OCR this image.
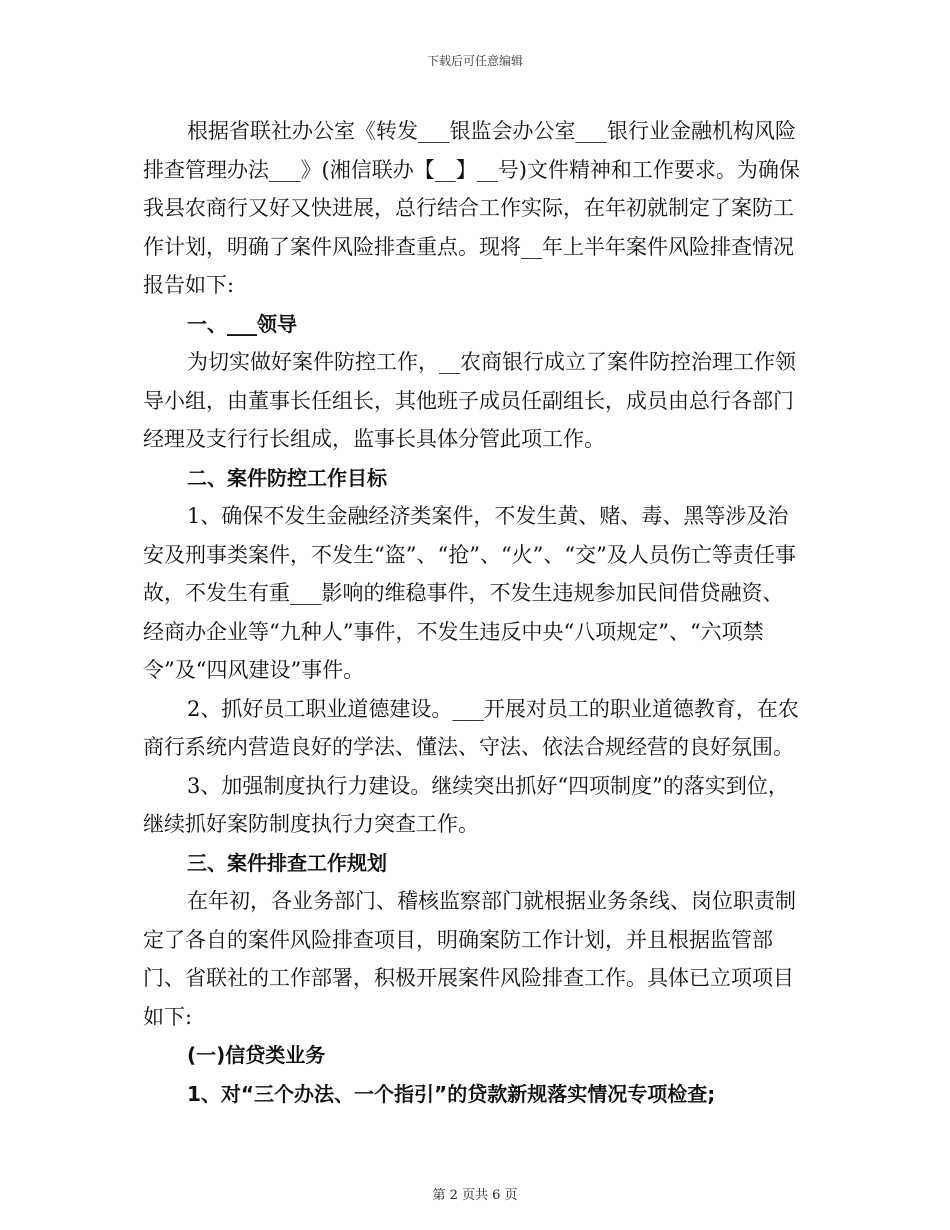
下载后可任意编辑

根据省联社办公室《转发___银监会办公室___银行业金融机构风险排查管理办法___》(湘信联办【__】__号)文件精神和工作要求。为确保我县农商行又好又快进展，总行结合工作实际，在年初就制定了案防工作计划，明确了案件风险排查重点。现将__年上半年案件风险排查情况报告如下:

一、___领导

为切实做好案件防控工作，__农商银行成立了案件防控治理工作领导小组，由董事长任组长，其他班子成员任副组长，成员由总行各部门经理及支行行长组成，监事长具体分管此项工作。

二、案件防控工作目标

1、确保不发生金融经济类案件，不发生黄、赌、毒、黑等涉及治安及刑事类案件，不发生“盗”、“抢”、“火”、“交”及人员伤亡等责任事故，不发生有重___影响的维稳事件，不发生违规参加民间借贷融资、经商办企业等“九种人”事件，不发生违反中央“八项规定”、“六项禁令”及“四风建设”事件。

2、抓好员工职业道德建设。___开展对员工的职业道德教育，在农商行系统内营造良好的学法、懂法、守法、依法合规经营的良好氛围。

3、加强制度执行力建设。继续突出抓好“四项制度”的落实到位，继续抓好案防制度执行力突查工作。

三、案件排查工作规划

在年初，各业务部门、稽核监察部门就根据业务条线、岗位职责制定了各自的案件风险排查项目，明确案防工作计划，并且根据监管部门、省联社的工作部署，积极开展案件风险排查工作。具体已立项项目如下:

(一)信贷类业务

1、对“三个办法、一个指引”的贷款新规落实情况专项检查;

第 2 页共 6 页
